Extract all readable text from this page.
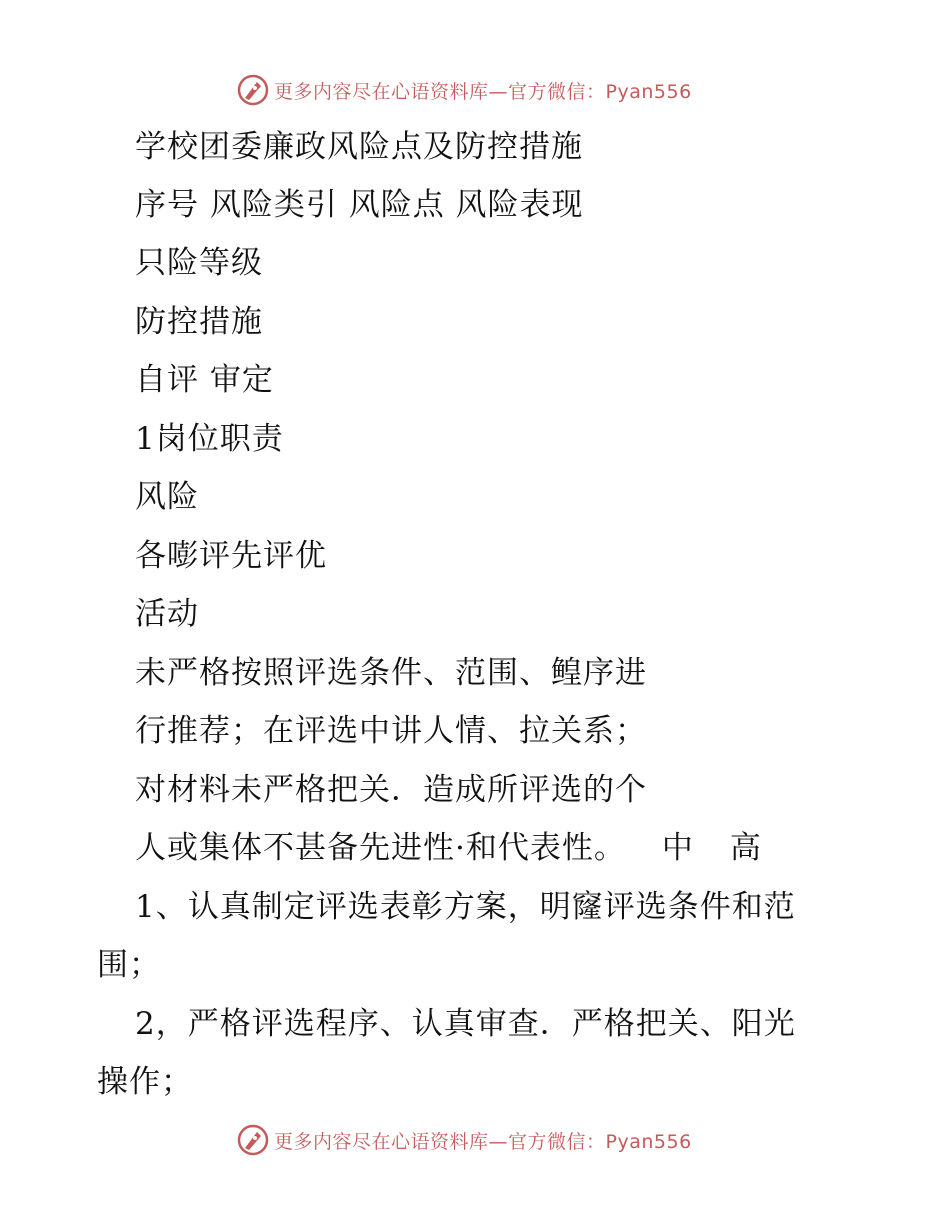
更多内容尽在心语资料库—官方微信：Pyan556

学校团委廉政风险点及防控措施

序号 风险类引 风险点 风险表现

只险等级

防控措施

自评 审定

1岗位职责

风险

各嘭评先评优

活动

未严格按照评选条件、范围、鳇序进

行推荐；在评选中讲人情、拉关系；

对材料未严格把关．造成所评选的个

人或集体不甚备先进性·和代表性。 中 高

1、认真制定评选表彰方案，明窿评选条件和范

围；

2，严格评选程序、认真审查．严格把关、阳光

操作；

更多内容尽在心语资料库—官方微信：Pyan556
